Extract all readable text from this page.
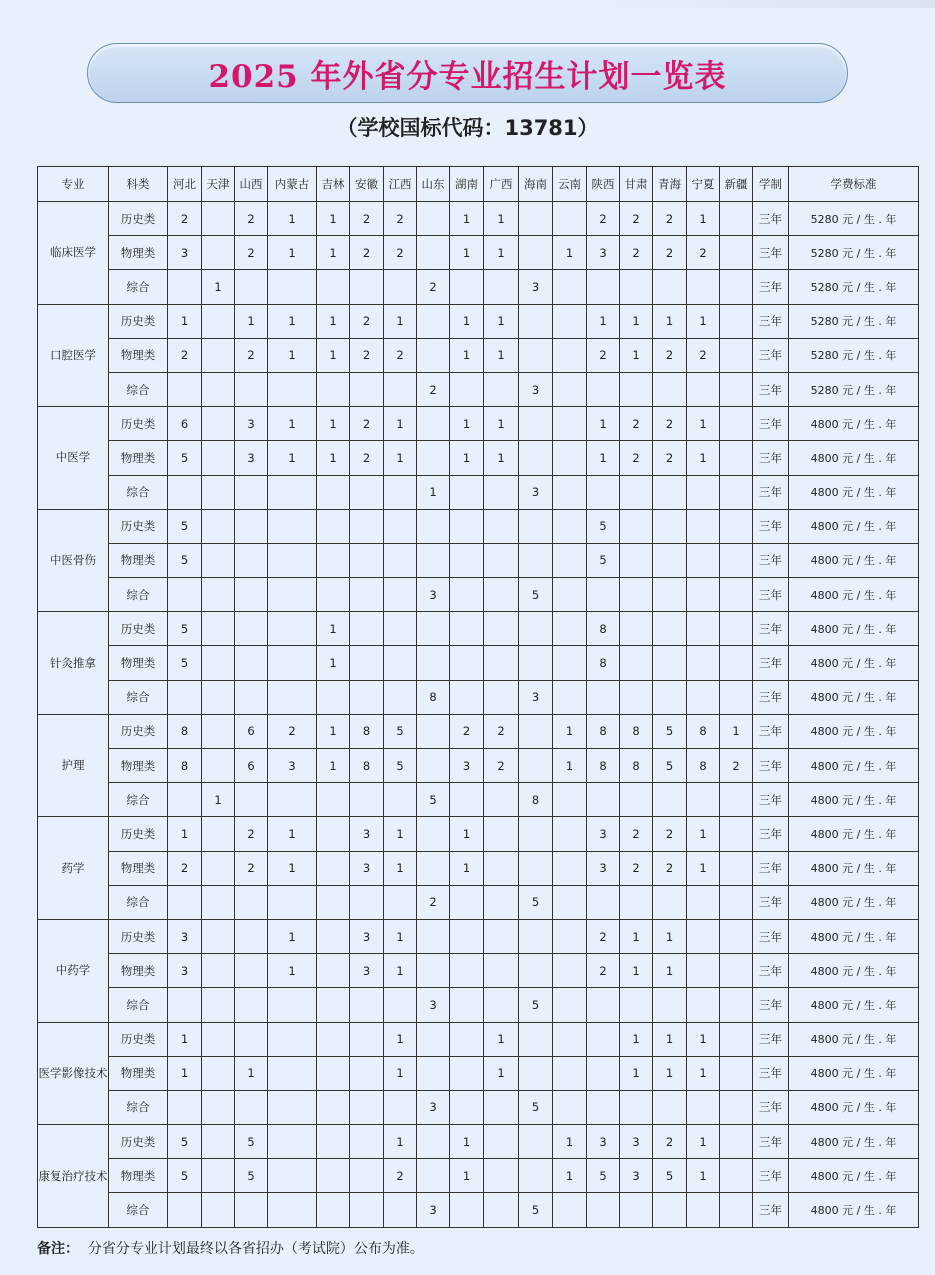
2025 年外省分专业招生计划一览表
（学校国标代码：13781）
专业	科类	河北	天津	山西	内蒙古	吉林	安徽	江西	山东	湖南	广西	海南	云南	陕西	甘肃	青海	宁夏	新疆	学制	学费标准
临床医学	历史类	2		2	1	1	2	2		1	1			2	2	2	1		三年	5280 元 / 生 . 年
	物理类	3		2	1	1	2	2		1	1		1	3	2	2	2		三年	5280 元 / 生 . 年
	综合		1						2			3							三年	5280 元 / 生 . 年
口腔医学	历史类	1		1	1	1	2	1		1	1			1	1	1	1		三年	5280 元 / 生 . 年
	物理类	2		2	1	1	2	2		1	1			2	1	2	2		三年	5280 元 / 生 . 年
	综合								2			3							三年	5280 元 / 生 . 年
中医学	历史类	6		3	1	1	2	1		1	1			1	2	2	1		三年	4800 元 / 生 . 年
	物理类	5		3	1	1	2	1		1	1			1	2	2	1		三年	4800 元 / 生 . 年
	综合								1			3							三年	4800 元 / 生 . 年
中医骨伤	历史类	5												5					三年	4800 元 / 生 . 年
	物理类	5												5					三年	4800 元 / 生 . 年
	综合								3			5							三年	4800 元 / 生 . 年
针灸推拿	历史类	5				1								8					三年	4800 元 / 生 . 年
	物理类	5				1								8					三年	4800 元 / 生 . 年
	综合								8			3							三年	4800 元 / 生 . 年
护理	历史类	8		6	2	1	8	5		2	2		1	8	8	5	8	1	三年	4800 元 / 生 . 年
	物理类	8		6	3	1	8	5		3	2		1	8	8	5	8	2	三年	4800 元 / 生 . 年
	综合		1						5			8							三年	4800 元 / 生 . 年
药学	历史类	1		2	1		3	1		1				3	2	2	1		三年	4800 元 / 生 . 年
	物理类	2		2	1		3	1		1				3	2	2	1		三年	4800 元 / 生 . 年
	综合								2			5							三年	4800 元 / 生 . 年
中药学	历史类	3			1		3	1						2	1	1			三年	4800 元 / 生 . 年
	物理类	3			1		3	1						2	1	1			三年	4800 元 / 生 . 年
	综合								3			5							三年	4800 元 / 生 . 年
医学影像技术	历史类	1						1			1				1	1	1		三年	4800 元 / 生 . 年
	物理类	1		1				1			1				1	1	1		三年	4800 元 / 生 . 年
	综合								3			5							三年	4800 元 / 生 . 年
康复治疗技术	历史类	5		5				1		1			1	3	3	2	1		三年	4800 元 / 生 . 年
	物理类	5		5				2		1			1	5	3	5	1		三年	4800 元 / 生 . 年
	综合								3			5							三年	4800 元 / 生 . 年
备注： 分省分专业计划最终以各省招办（考试院）公布为准。
